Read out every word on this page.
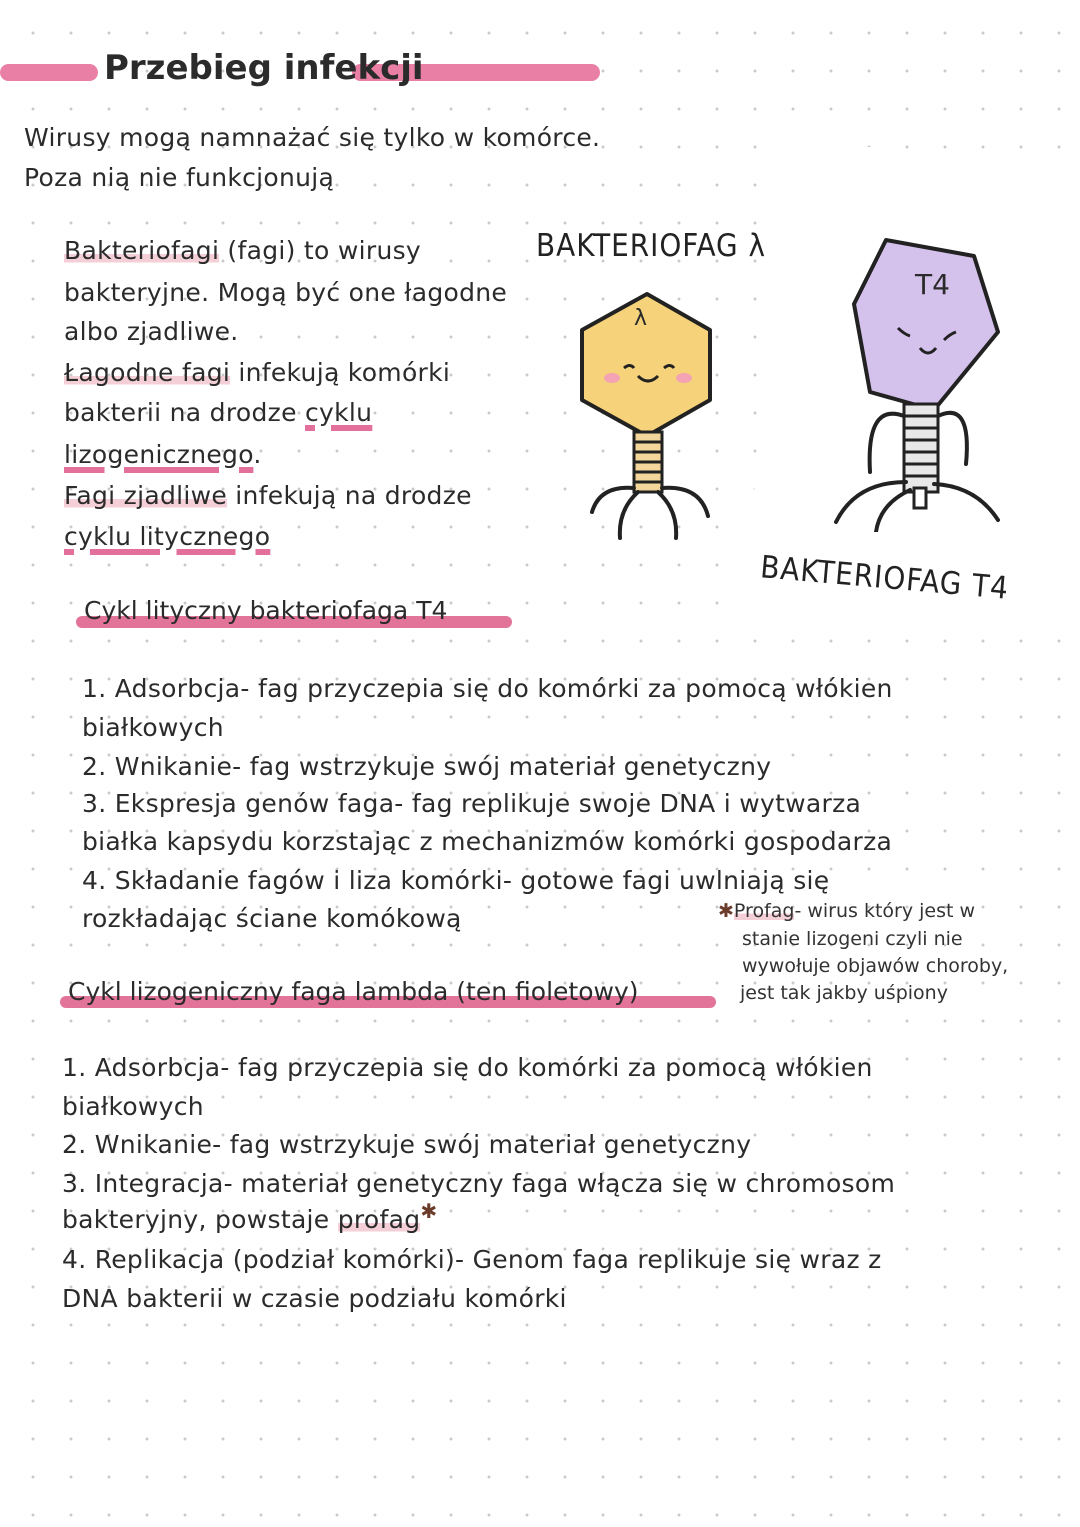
Przebieg infekcji
Wirusy mogą namnażać się tylko w komórce.
Poza nią nie funkcjonują
Bakteriofagi (fagi) to wirusy
bakteryjne. Mogą być one łagodne
albo zjadliwe.
Łagodne fagi infekują komórki
bakterii na drodze cyklu
lizogenicznego.
Fagi zjadliwe infekują na drodze
cyklu litycznego
BAKTERIOFAG λ
λ
T4
BAKTERIOFAG T4
Cykl lityczny bakteriofaga T4
1. Adsorbcja- fag przyczepia się do komórki za pomocą włókien
białkowych
2. Wnikanie- fag wstrzykuje swój materiał genetyczny
3. Ekspresja genów faga- fag replikuje swoje DNA i wytwarza
białka kapsydu korzstając z mechanizmów komórki gospodarza
4. Składanie fagów i liza komórki- gotowe fagi uwlniają się
rozkładając ściane komókową	✱Profag- wirus który jest w
stanie lizogeni czyli nie
wywołuje objawów choroby,
jest tak jakby uśpiony
Cykl lizogeniczny faga lambda (ten fioletowy)
1. Adsorbcja- fag przyczepia się do komórki za pomocą włókien
białkowych
2. Wnikanie- fag wstrzykuje swój materiał genetyczny
3. Integracja- materiał genetyczny faga włącza się w chromosom
bakteryjny, powstaje profag✱
4. Replikacja (podział komórki)- Genom faga replikuje się wraz z
DNA bakterii w czasie podziału komórki
